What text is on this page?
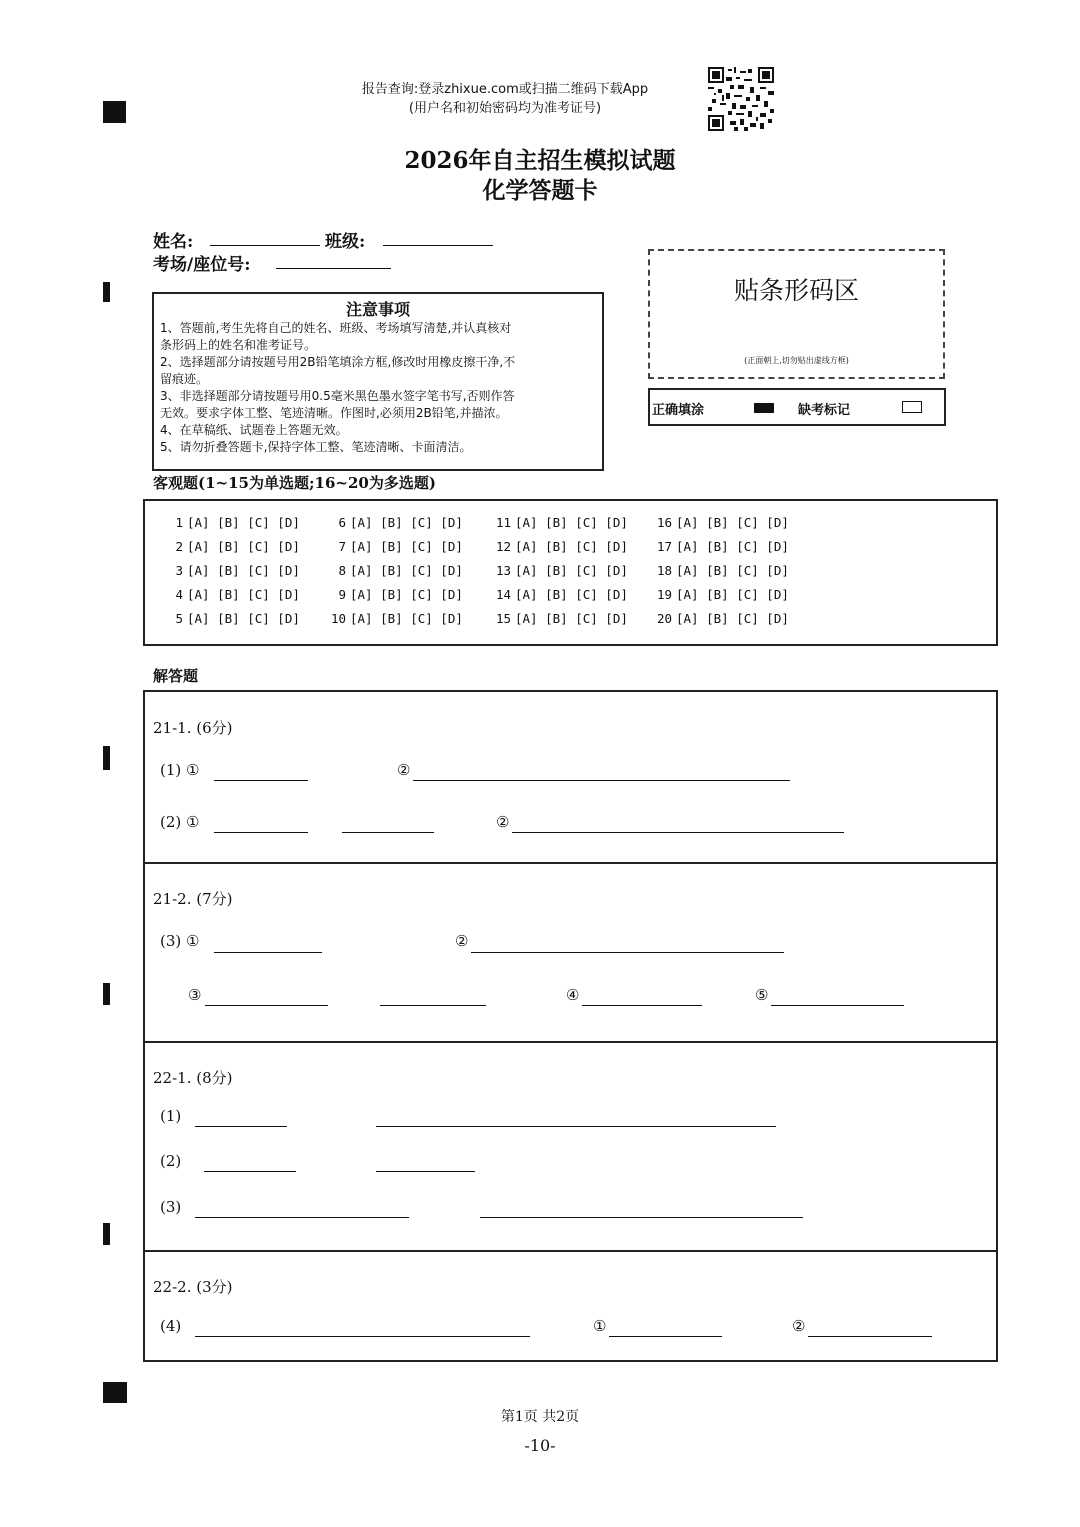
报告查询:登录zhixue.com或扫描二维码下载App
(用户名和初始密码均为准考证号)
2026年自主招生模拟试题
化学答题卡
姓名:	班级:
考场/座位号:
贴条形码区
(正面朝上,切勿贴出虚线方框)
正确填涂	缺考标记
注意事项
1、答题前,考生先将自己的姓名、班级、考场填写清楚,并认真核对
条形码上的姓名和准考证号。
2、选择题部分请按题号用2B铅笔填涂方框,修改时用橡皮擦干净,不
留痕迹。
3、非选择题部分请按题号用0.5毫米黑色墨水签字笔书写,否则作答
无效。要求字体工整、笔迹清晰。作图时,必须用2B铅笔,并描浓。
4、在草稿纸、试题卷上答题无效。
5、请勿折叠答题卡,保持字体工整、笔迹清晰、卡面清洁。
客观题(1~15为单选题;16~20为多选题)
1 [A] [B] [C] [D]
2 [A] [B] [C] [D]
3 [A] [B] [C] [D]
4 [A] [B] [C] [D]
5 [A] [B] [C] [D]
6 [A] [B] [C] [D]
7 [A] [B] [C] [D]
8 [A] [B] [C] [D]
9 [A] [B] [C] [D]
10 [A] [B] [C] [D]
11 [A] [B] [C] [D]
12 [A] [B] [C] [D]
13 [A] [B] [C] [D]
14 [A] [B] [C] [D]
15 [A] [B] [C] [D]
16 [A] [B] [C] [D]
17 [A] [B] [C] [D]
18 [A] [B] [C] [D]
19 [A] [B] [C] [D]
20 [A] [B] [C] [D]
解答题
21-1. (6分)
(1) ①	②
(2) ①	②
21-2. (7分)
(3) ①	②
③	④	⑤
22-1. (8分)
(1)
(2)
(3)
22-2. (3分)
(4)	①	②
第1页 共2页
-10-
